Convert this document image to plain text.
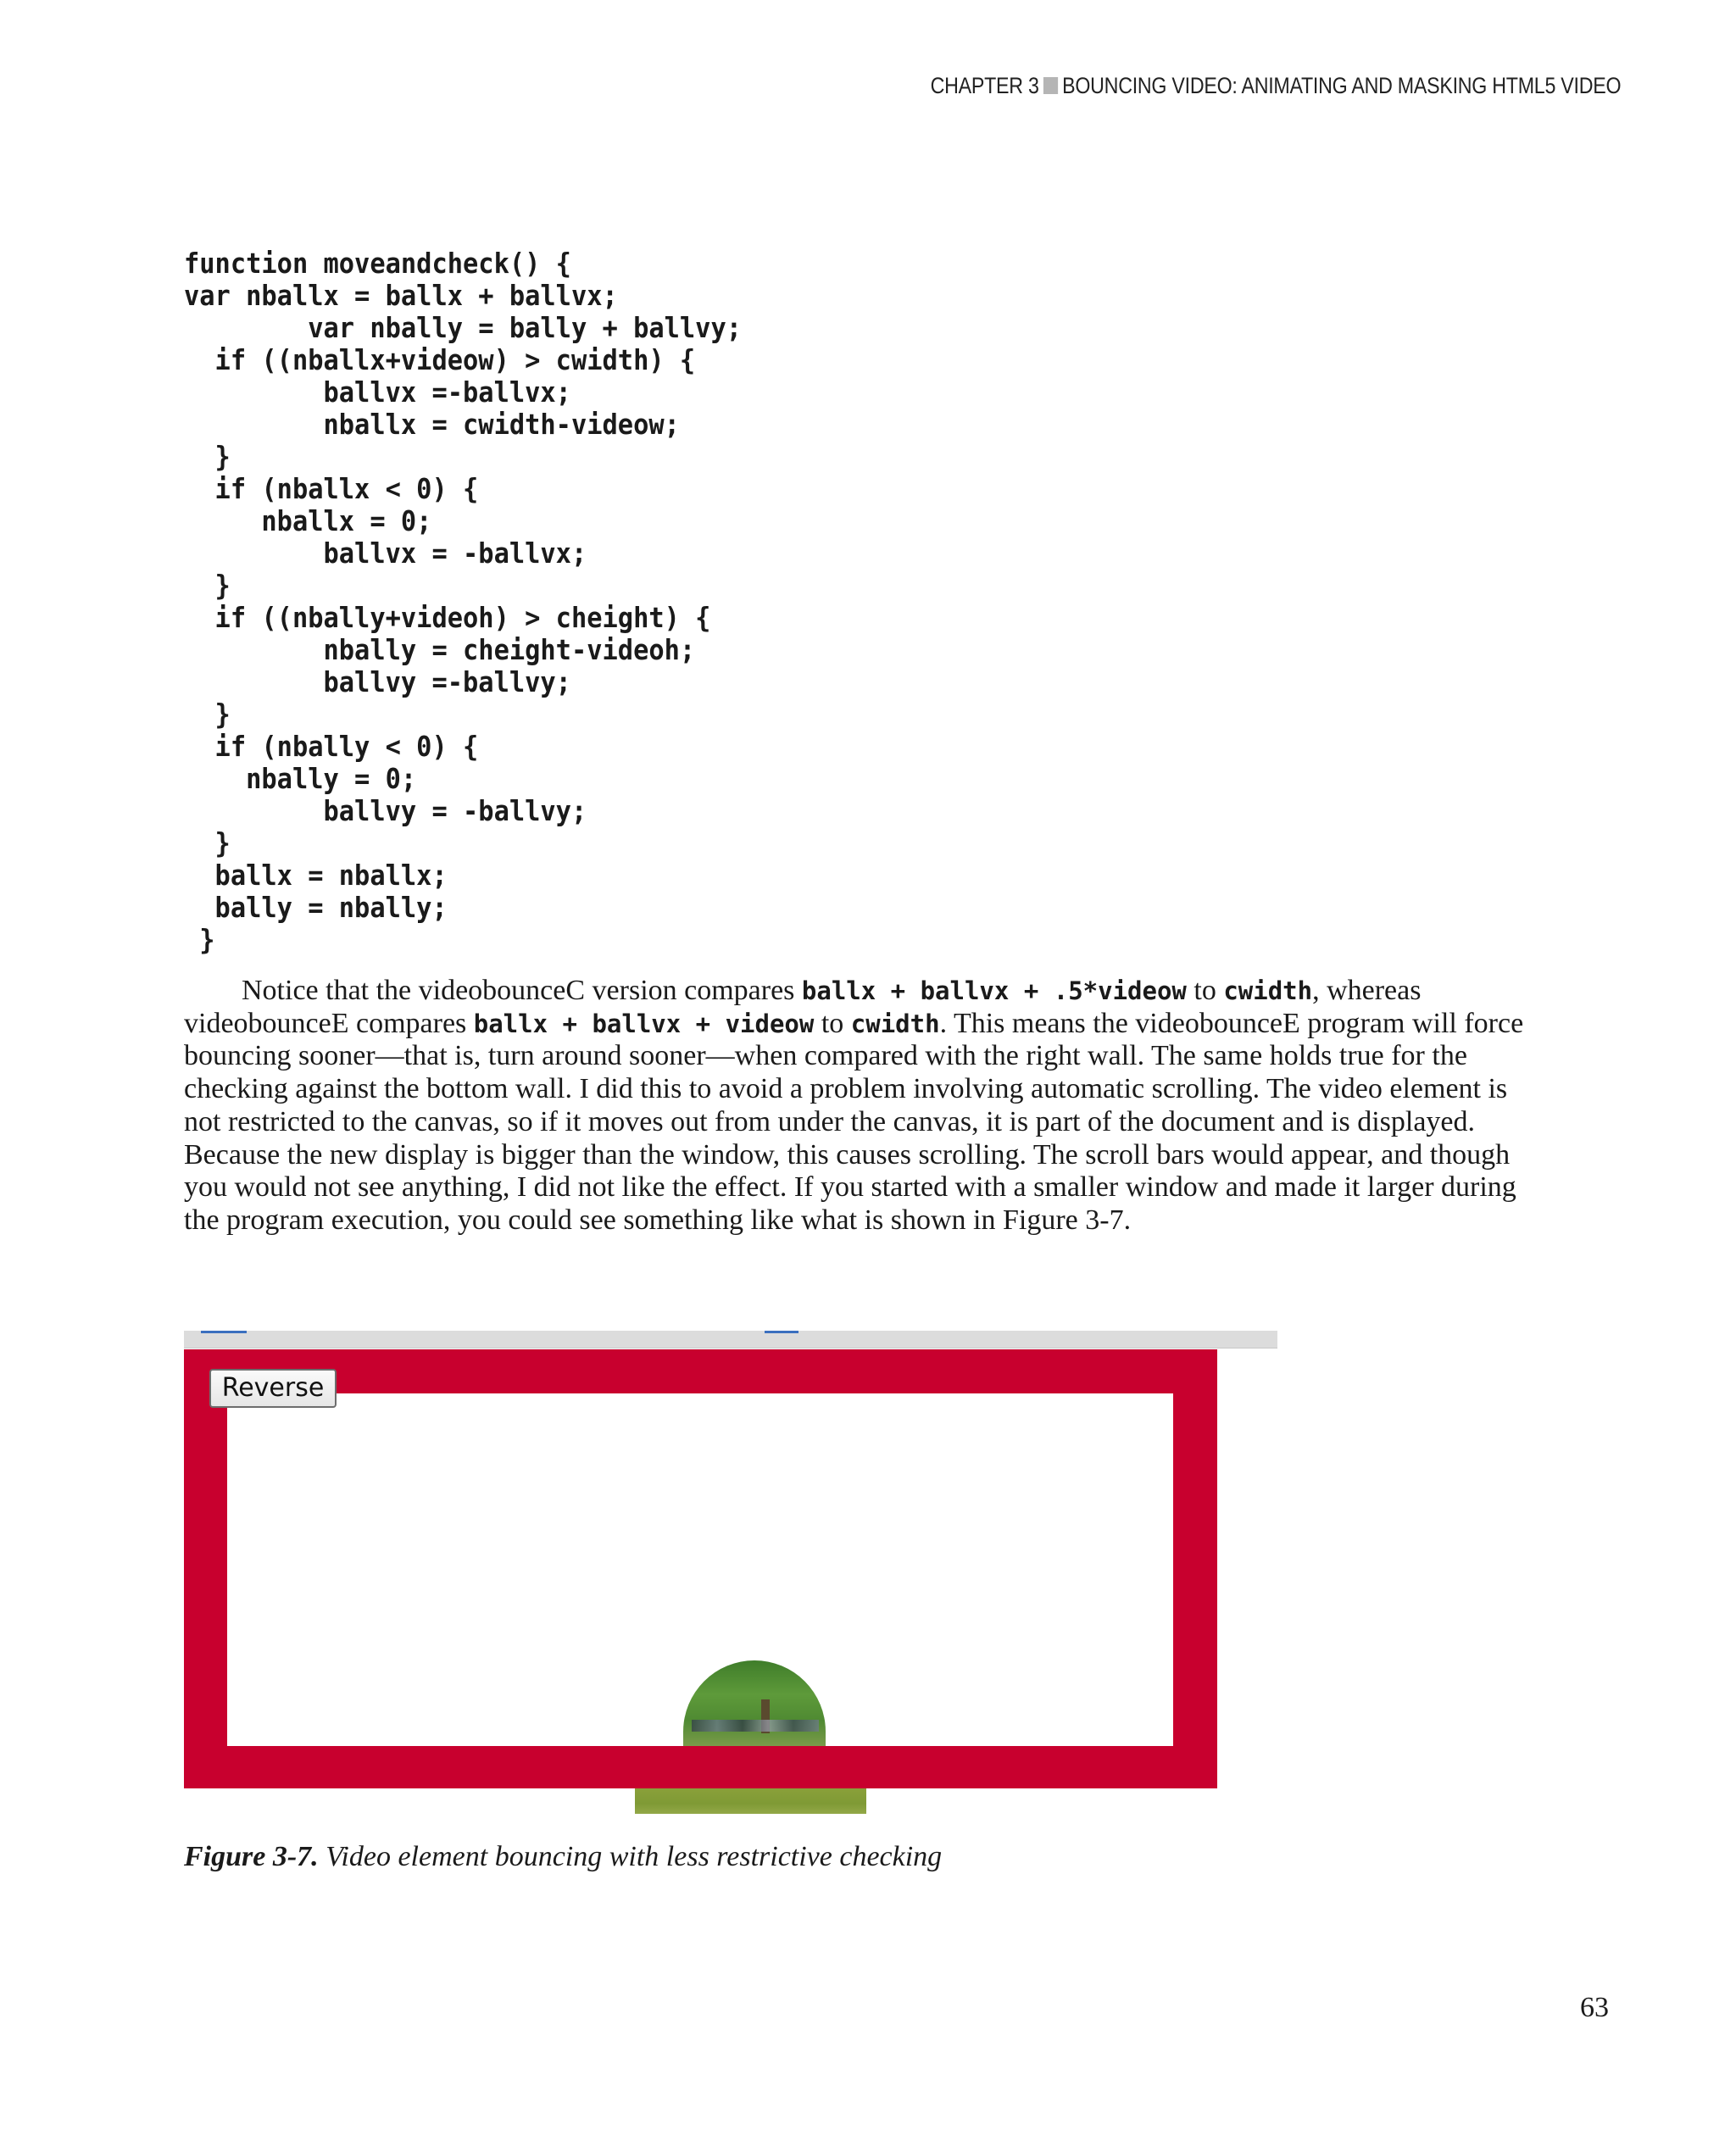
CHAPTER 3 BOUNCING VIDEO: ANIMATING AND MASKING HTML5 VIDEO
function moveandcheck() {
var nballx = ballx + ballvx;
var nbally = bally + ballvy;
if ((nballx+videow) > cwidth) {
ballvx =-ballvx;
nballx = cwidth-videow;
}
if (nballx < 0) {
nballx = 0;
ballvx = -ballvx;
}
if ((nbally+videoh) > cheight) {
nbally = cheight-videoh;
ballvy =-ballvy;
}
if (nbally < 0) {
nbally = 0;
ballvy = -ballvy;
}
ballx = nballx;
bally = nbally;
}

Notice that the videobounceC version compares ballx + ballvx + .5*videow to cwidth, whereas videobounceE compares ballx + ballvx + videow to cwidth. This means the videobounceE program will force bouncing sooner—that is, turn around sooner—when compared with the right wall. The same holds true for the checking against the bottom wall. I did this to avoid a problem involving automatic scrolling. The video element is not restricted to the canvas, so if it moves out from under the canvas, it is part of the document and is displayed. Because the new display is bigger than the window, this causes scrolling. The scroll bars would appear, and though you would not see anything, I did not like the effect. If you started with a smaller window and made it larger during the program execution, you could see something like what is shown in Figure 3-7.

Reverse

Figure 3-7. Video element bouncing with less restrictive checking

63
